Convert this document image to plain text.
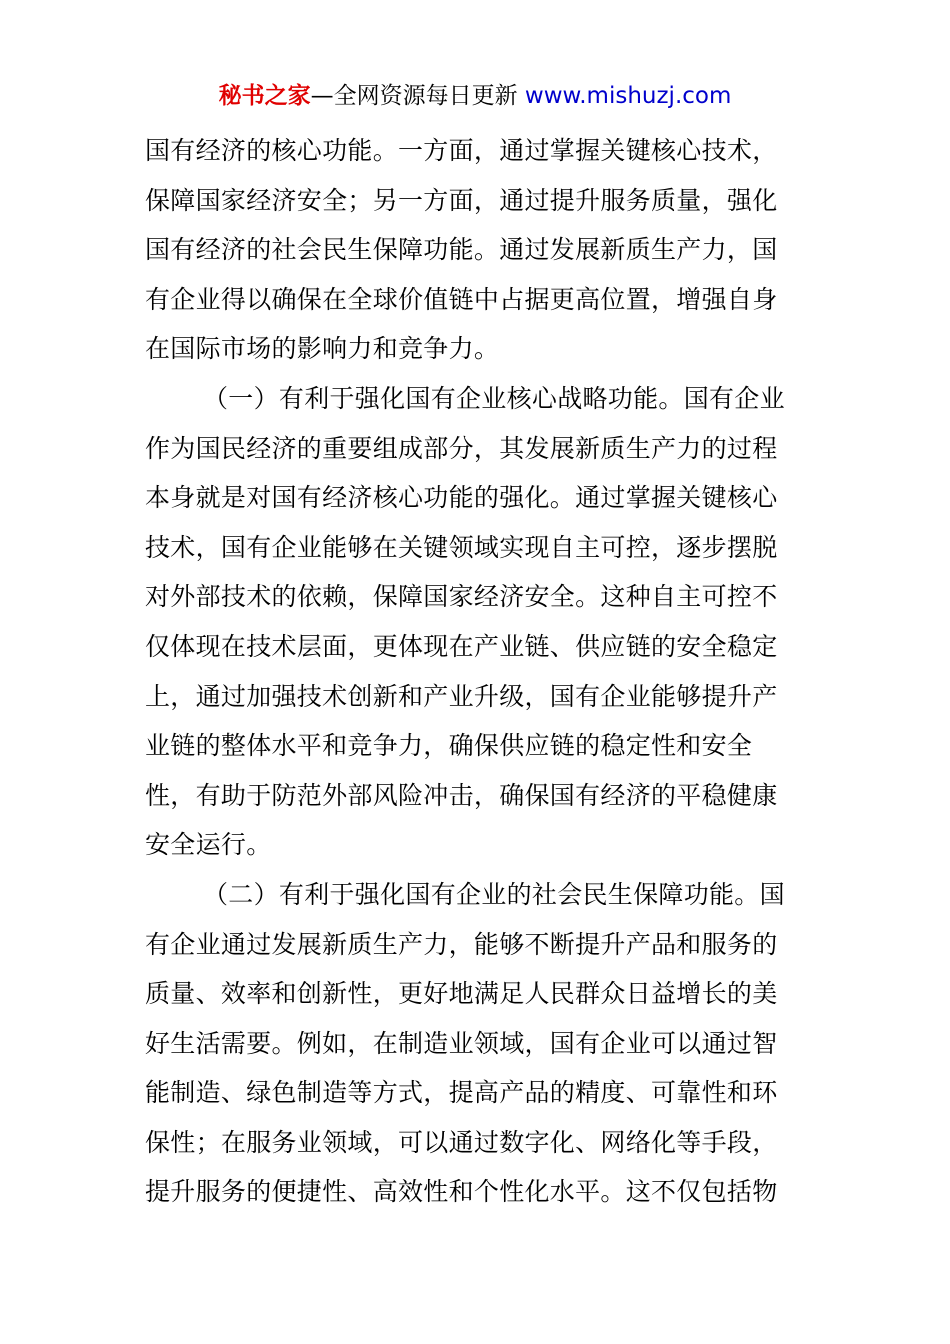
秘书之家—全网资源每日更新 www.mishuzj.com
国有经济的核心功能。一方面，通过掌握关键核心技术，
保障国家经济安全；另一方面，通过提升服务质量，强化
国有经济的社会民生保障功能。通过发展新质生产力，国
有企业得以确保在全球价值链中占据更高位置，增强自身
在国际市场的影响力和竞争力。
（一）有利于强化国有企业核心战略功能。国有企业
作为国民经济的重要组成部分，其发展新质生产力的过程
本身就是对国有经济核心功能的强化。通过掌握关键核心
技术，国有企业能够在关键领域实现自主可控，逐步摆脱
对外部技术的依赖，保障国家经济安全。这种自主可控不
仅体现在技术层面，更体现在产业链、供应链的安全稳定
上，通过加强技术创新和产业升级，国有企业能够提升产
业链的整体水平和竞争力，确保供应链的稳定性和安全
性，有助于防范外部风险冲击，确保国有经济的平稳健康
安全运行。
（二）有利于强化国有企业的社会民生保障功能。国
有企业通过发展新质生产力，能够不断提升产品和服务的
质量、效率和创新性，更好地满足人民群众日益增长的美
好生活需要。例如，在制造业领域，国有企业可以通过智
能制造、绿色制造等方式，提高产品的精度、可靠性和环
保性；在服务业领域，可以通过数字化、网络化等手段，
提升服务的便捷性、高效性和个性化水平。这不仅包括物
